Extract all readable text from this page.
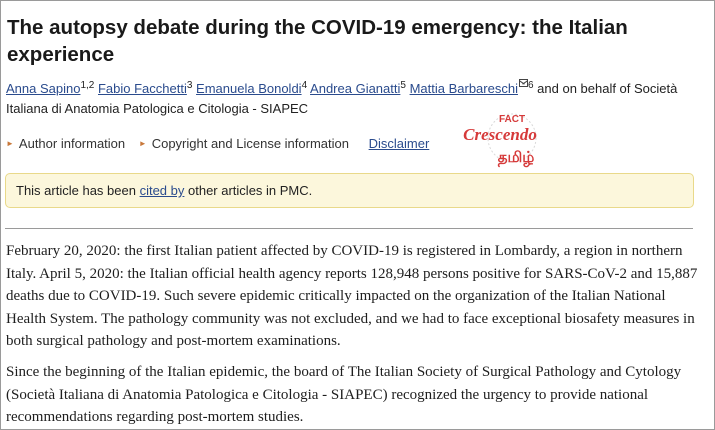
The autopsy debate during the COVID-19 emergency: the Italian experience
Anna Sapino$^{1,2}$ Fabio Facchetti$^3$ Emanuela Bonoldi$^4$ Andrea Gianatti$^5$ Mattia Barbareschi $^6$ and on behalf of Società Italiana di Anatomia Patologica e Citologia - SIAPEC
► Author information ► Copyright and License information Disclaimer
FACT
Crescendo
தமிழ்
This article has been cited by other articles in PMC.

February 20, 2020: the first Italian patient affected by COVID-19 is registered in Lombardy, a region in northern Italy. April 5, 2020: the Italian official health agency reports 128,948 persons positive for SARS-CoV-2 and 15,887 deaths due to COVID-19. Such severe epidemic critically impacted on the organization of the Italian National Health System. The pathology community was not excluded, and we had to face exceptional biosafety measures in both surgical pathology and post-mortem examinations.

Since the beginning of the Italian epidemic, the board of The Italian Society of Surgical Pathology and Cytology (Società Italiana di Anatomia Patologica e Citologia - SIAPEC) recognized the urgency to provide national recommendations regarding post-mortem studies.
